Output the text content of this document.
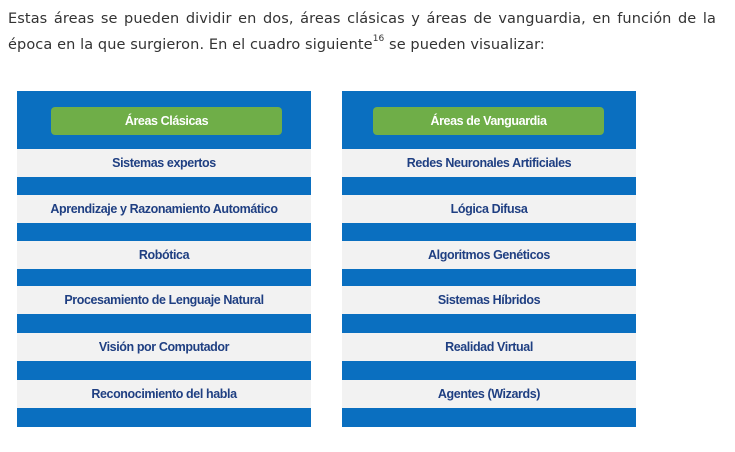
Estas áreas se pueden dividir en dos, áreas clásicas y áreas de vanguardia, en función de la época en la que surgieron. En el cuadro siguiente$^{16}$ se pueden visualizar:
Áreas Clásicas
Sistemas expertos
Aprendizaje y Razonamiento Automático
Robótica
Procesamiento de Lenguaje Natural
Visión por Computador
Reconocimiento del habla
Áreas de Vanguardia
Redes Neuronales Artificiales
Lógica Difusa
Algoritmos Genéticos
Sistemas Híbridos
Realidad Virtual
Agentes (Wizards)
